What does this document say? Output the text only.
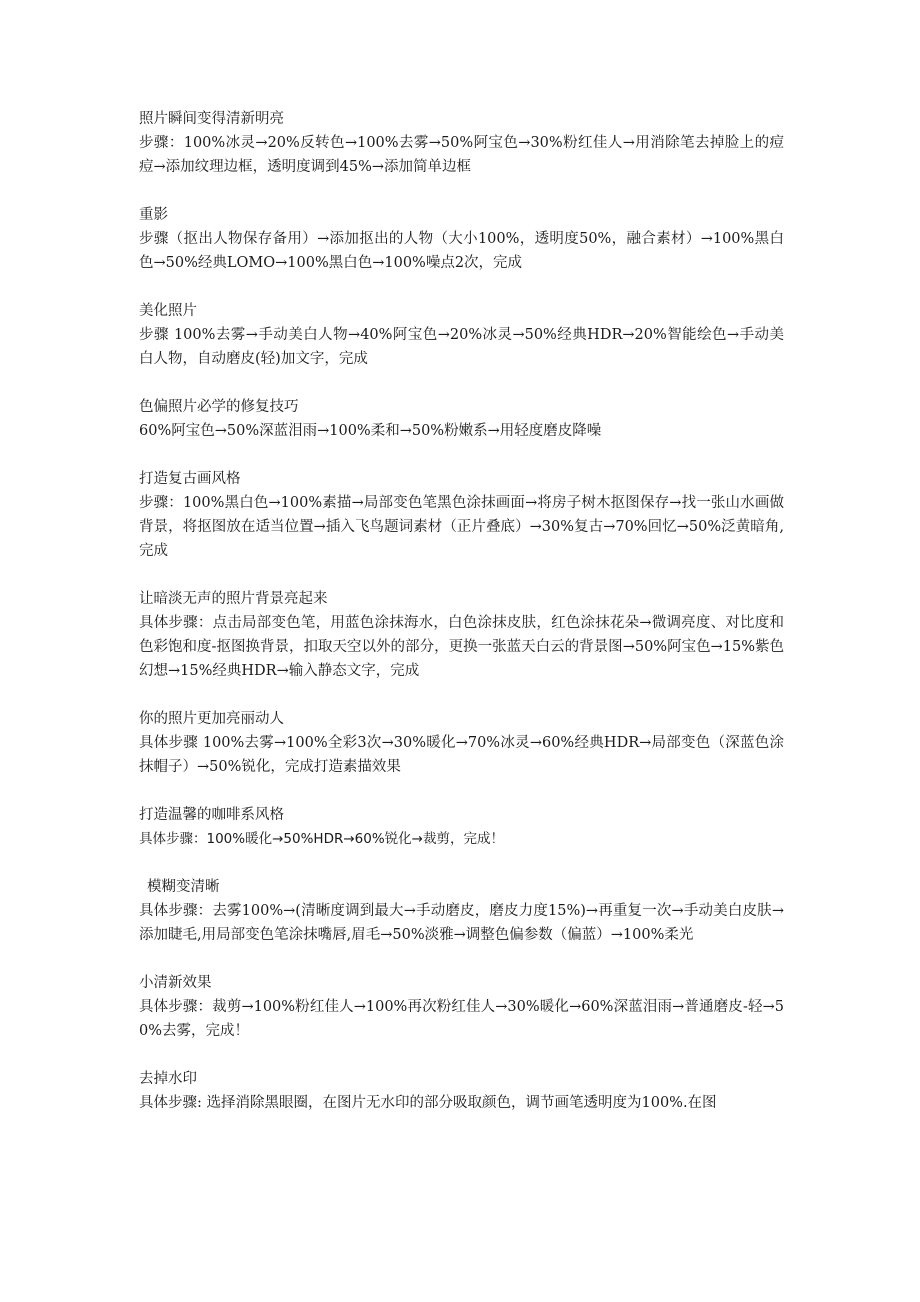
照片瞬间变得清新明亮
步骤：100%冰灵→20%反转色→100%去雾→50%阿宝色→30%粉红佳人→用消除笔去掉脸上的痘痘→添加纹理边框，透明度调到45%→添加简单边框
重影
步骤（抠出人物保存备用）→添加抠出的人物（大小100%，透明度50%，融合素材）→100%黑白色→50%经典LOMO→100%黑白色→100%噪点2次，完成
美化照片
步骤 100%去雾→手动美白人物→40%阿宝色→20%冰灵→50%经典HDR→20%智能绘色→手动美白人物，自动磨皮(轻)加文字，完成
色偏照片必学的修复技巧
60%阿宝色→50%深蓝泪雨→100%柔和→50%粉嫩系→用轻度磨皮降噪
打造复古画风格
步骤：100%黑白色→100%素描→局部变色笔黑色涂抹画面→将房子树木抠图保存→找一张山水画做背景，将抠图放在适当位置→插入飞鸟题词素材（正片叠底）→30%复古→70%回忆→50%泛黄暗角,完成
让暗淡无声的照片背景亮起来
具体步骤：点击局部变色笔，用蓝色涂抹海水，白色涂抹皮肤，红色涂抹花朵→微调亮度、对比度和色彩饱和度-抠图换背景，扣取天空以外的部分，更换一张蓝天白云的背景图→50%阿宝色→15%紫色幻想→15%经典HDR→输入静态文字，完成
你的照片更加亮丽动人
具体步骤 100%去雾→100%全彩3次→30%暖化→70%冰灵→60%经典HDR→局部变色（深蓝色涂抹帽子）→50%锐化，完成打造素描效果
打造温馨的咖啡系风格
具体步骤：100%暖化→50%HDR→60%锐化→裁剪，完成！
模糊变清晰
具体步骤：去雾100%→(清晰度调到最大→手动磨皮，磨皮力度15%)→再重复一次→手动美白皮肤→添加睫毛,用局部变色笔涂抹嘴唇,眉毛→50%淡雅→调整色偏参数（偏蓝）→100%柔光
小清新效果
具体步骤：裁剪→100%粉红佳人→100%再次粉红佳人→30%暖化→60%深蓝泪雨→普通磨皮-轻→50%去雾，完成！
去掉水印
具体步骤: 选择消除黑眼圈，在图片无水印的部分吸取颜色，调节画笔透明度为100%.在图
